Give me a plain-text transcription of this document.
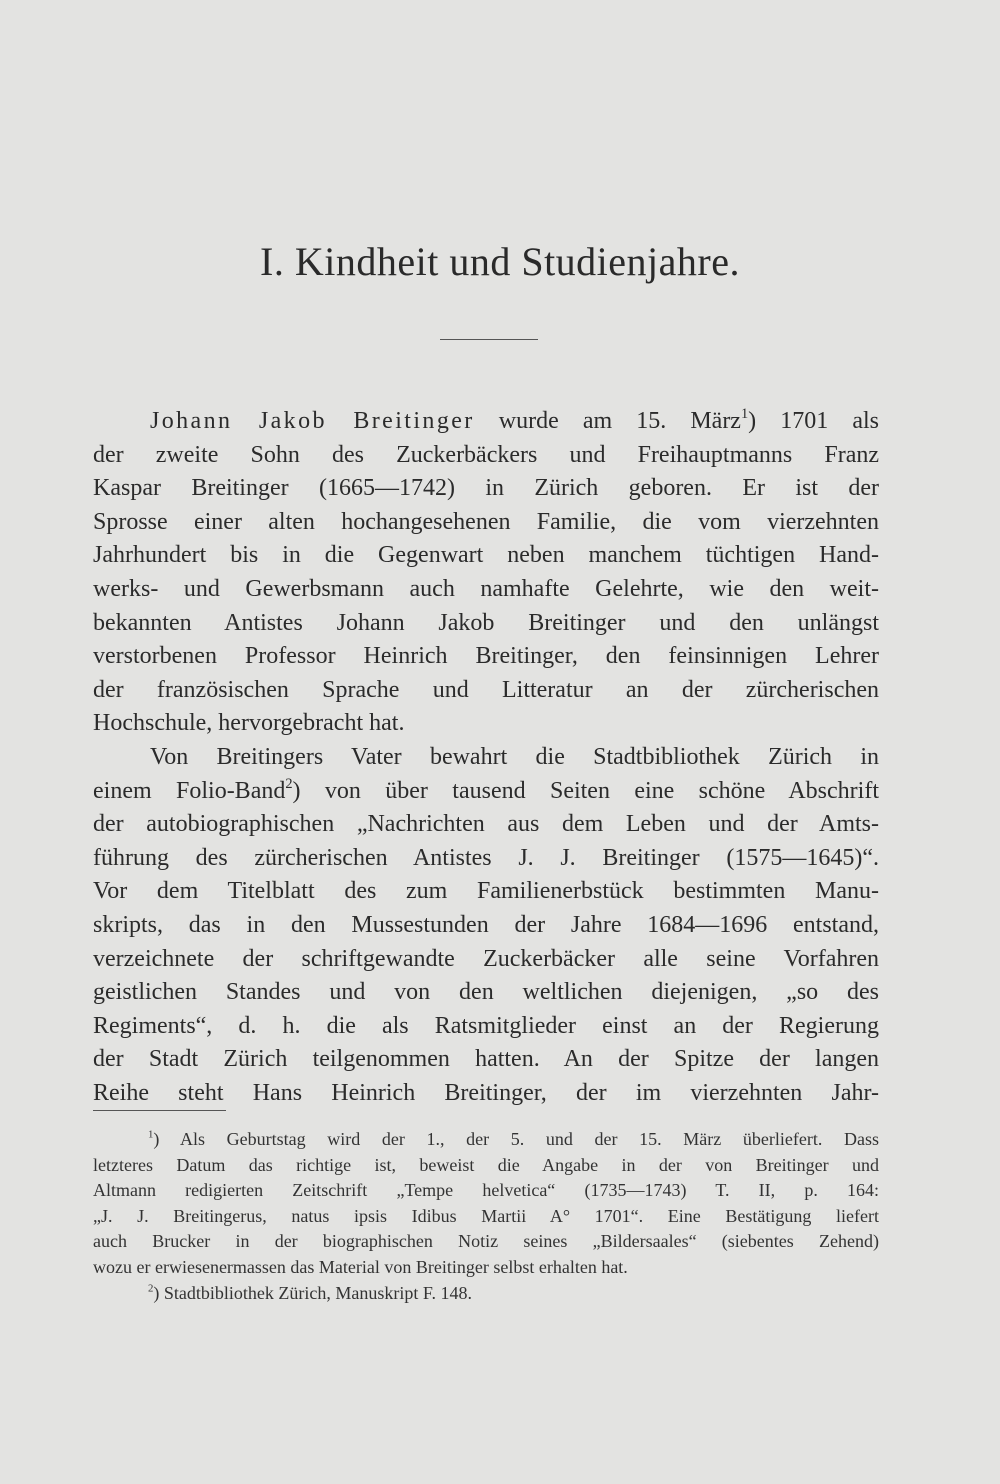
I. Kindheit und Studienjahre.
Johann Jakob Breitinger wurde am 15. März$^1$) 1701 als
der zweite Sohn des Zuckerbäckers und Freihauptmanns Franz
Kaspar Breitinger (1665—1742) in Zürich geboren. Er ist der
Sprosse einer alten hochangesehenen Familie, die vom vierzehnten
Jahrhundert bis in die Gegenwart neben manchem tüchtigen Hand-
werks- und Gewerbsmann auch namhafte Gelehrte, wie den weit-
bekannten Antistes Johann Jakob Breitinger und den unlängst
verstorbenen Professor Heinrich Breitinger, den feinsinnigen Lehrer
der französischen Sprache und Litteratur an der zürcherischen
Hochschule, hervorgebracht hat.
Von Breitingers Vater bewahrt die Stadtbibliothek Zürich in
einem Folio-Band$^2$) von über tausend Seiten eine schöne Abschrift
der autobiographischen „Nachrichten aus dem Leben und der Amts-
führung des zürcherischen Antistes J. J. Breitinger (1575—1645)“.
Vor dem Titelblatt des zum Familienerbstück bestimmten Manu-
skripts, das in den Mussestunden der Jahre 1684—1696 entstand,
verzeichnete der schriftgewandte Zuckerbäcker alle seine Vorfahren
geistlichen Standes und von den weltlichen diejenigen, „so des
Regiments“, d. h. die als Ratsmitglieder einst an der Regierung
der Stadt Zürich teilgenommen hatten. An der Spitze der langen
Reihe steht Hans Heinrich Breitinger, der im vierzehnten Jahr-
$^1$) Als Geburtstag wird der 1., der 5. und der 15. März überliefert. Dass
letzteres Datum das richtige ist, beweist die Angabe in der von Breitinger und
Altmann redigierten Zeitschrift „Tempe helvetica“ (1735—1743) T. II, p. 164:
„J. J. Breitingerus, natus ipsis Idibus Martii A° 1701“. Eine Bestätigung liefert
auch Brucker in der biographischen Notiz seines „Bildersaales“ (siebentes Zehend)
wozu er erwiesenermassen das Material von Breitinger selbst erhalten hat.
$^2$) Stadtbibliothek Zürich, Manuskript F. 148.
